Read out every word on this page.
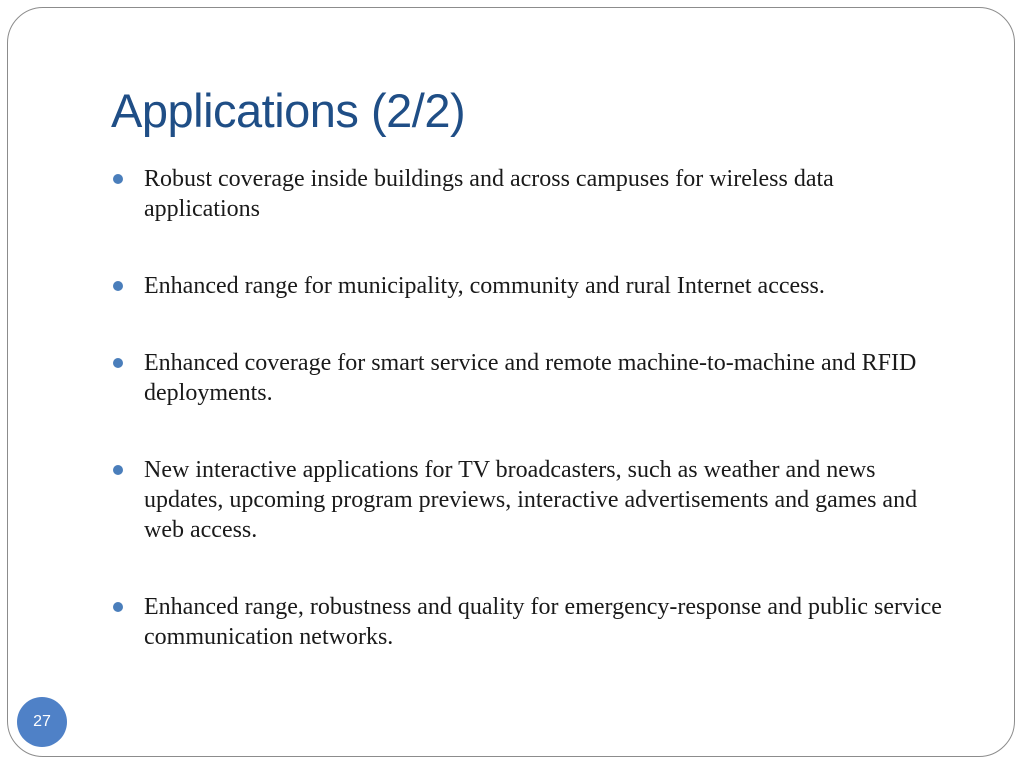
Applications (2/2)
Robust coverage inside buildings and across campuses for wireless data applications
Enhanced range for municipality, community and rural Internet access.
Enhanced coverage for smart service and remote machine-to-machine and RFID deployments.
New interactive applications for TV broadcasters, such as weather and news updates, upcoming program previews, interactive advertisements and games and web access.
Enhanced range, robustness and quality for emergency-response and public service communication networks.
27
